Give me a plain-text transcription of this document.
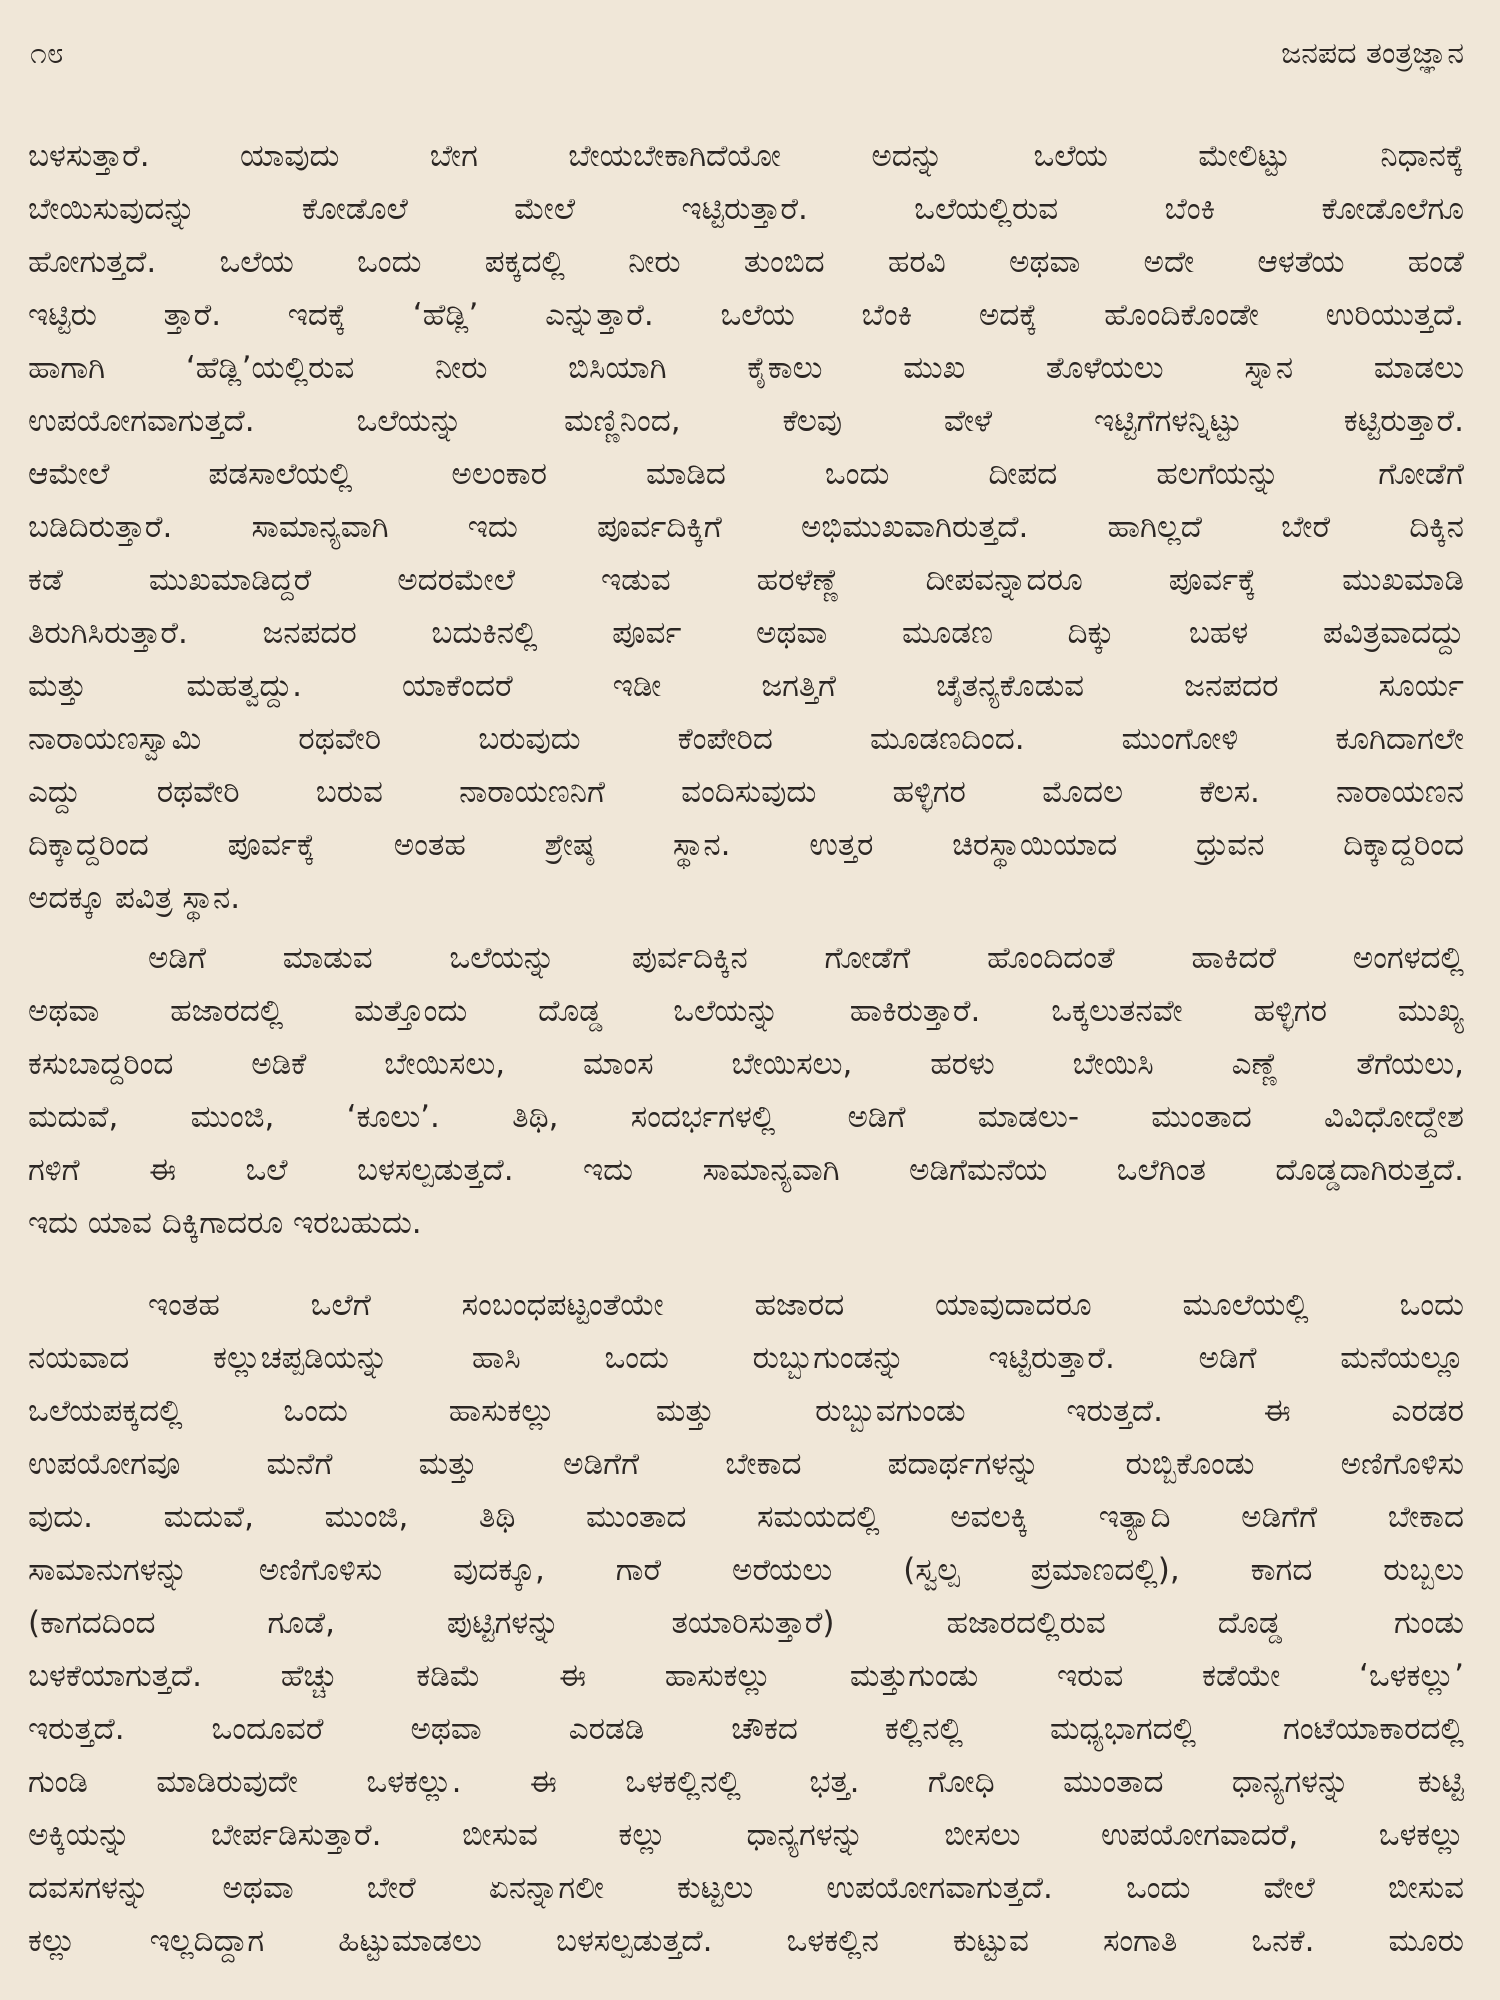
೧೮	ಜನಪದ ತಂತ್ರಜ್ಞಾನ
ಬಳಸುತ್ತಾರೆ. ಯಾವುದು ಬೇಗ ಬೇಯಬೇಕಾಗಿದೆಯೋ ಅದನ್ನು ಒಲೆಯ ಮೇಲಿಟ್ಟು ನಿಧಾನಕ್ಕೆ
ಬೇಯಿಸುವುದನ್ನು ಕೋಡೊಲೆ ಮೇಲೆ ಇಟ್ಟಿರುತ್ತಾರೆ. ಒಲೆಯಲ್ಲಿರುವ ಬೆಂಕಿ ಕೋಡೊಲೆಗೂ
ಹೋಗುತ್ತದೆ. ಒಲೆಯ ಒಂದು ಪಕ್ಕದಲ್ಲಿ ನೀರು ತುಂಬಿದ ಹರವಿ ಅಥವಾ ಅದೇ ಆಳತೆಯ ಹಂಡೆ
ಇಟ್ಟಿರು ತ್ತಾರೆ. ಇದಕ್ಕೆ ‘ಹೆಡ್ಲಿ’ ಎನ್ನುತ್ತಾರೆ. ಒಲೆಯ ಬೆಂಕಿ ಅದಕ್ಕೆ ಹೊಂದಿಕೊಂಡೇ ಉರಿಯುತ್ತದೆ.
ಹಾಗಾಗಿ ‘ಹೆಡ್ಲಿ’ಯಲ್ಲಿರುವ ನೀರು ಬಿಸಿಯಾಗಿ ಕೈಕಾಲು ಮುಖ ತೊಳೆಯಲು ಸ್ನಾನ ಮಾಡಲು
ಉಪಯೋಗವಾಗುತ್ತದೆ. ಒಲೆಯನ್ನು ಮಣ್ಣಿನಿಂದ, ಕೆಲವು ವೇಳೆ ಇಟ್ಟಿಗೆಗಳನ್ನಿಟ್ಟು ಕಟ್ಟಿರುತ್ತಾರೆ.
ಆಮೇಲೆ ಪಡಸಾಲೆಯಲ್ಲಿ ಅಲಂಕಾರ ಮಾಡಿದ ಒಂದು ದೀಪದ ಹಲಗೆಯನ್ನು ಗೋಡೆಗೆ
ಬಡಿದಿರುತ್ತಾರೆ. ಸಾಮಾನ್ಯವಾಗಿ ಇದು ಪೂರ್ವದಿಕ್ಕಿಗೆ ಅಭಿಮುಖವಾಗಿರುತ್ತದೆ. ಹಾಗಿಲ್ಲದೆ ಬೇರೆ ದಿಕ್ಕಿನ
ಕಡೆ ಮುಖಮಾಡಿದ್ದರೆ ಅದರಮೇಲೆ ಇಡುವ ಹರಳೆಣ್ಣೆ ದೀಪವನ್ನಾದರೂ ಪೂರ್ವಕ್ಕೆ ಮುಖಮಾಡಿ
ತಿರುಗಿಸಿರುತ್ತಾರೆ. ಜನಪದರ ಬದುಕಿನಲ್ಲಿ ಪೂರ್ವ ಅಥವಾ ಮೂಡಣ ದಿಕ್ಕು ಬಹಳ ಪವಿತ್ರವಾದದ್ದು
ಮತ್ತು ಮಹತ್ವದ್ದು. ಯಾಕೆಂದರೆ ಇಡೀ ಜಗತ್ತಿಗೆ ಚೈತನ್ಯಕೊಡುವ ಜನಪದರ ಸೂರ್ಯ
ನಾರಾಯಣಸ್ವಾಮಿ ರಥವೇರಿ ಬರುವುದು ಕೆಂಪೇರಿದ ಮೂಡಣದಿಂದ. ಮುಂಗೋಳಿ ಕೂಗಿದಾಗಲೇ
ಎದ್ದು ರಥವೇರಿ ಬರುವ ನಾರಾಯಣನಿಗೆ ವಂದಿಸುವುದು ಹಳ್ಳಿಗರ ಮೊದಲ ಕೆಲಸ. ನಾರಾಯಣನ
ದಿಕ್ಕಾದ್ದರಿಂದ ಪೂರ್ವಕ್ಕೆ ಅಂತಹ ಶ್ರೇಷ್ಠ ಸ್ಥಾನ. ಉತ್ತರ ಚಿರಸ್ಥಾಯಿಯಾದ ಧ್ರುವನ ದಿಕ್ಕಾದ್ದರಿಂದ
ಅದಕ್ಕೂ ಪವಿತ್ರ ಸ್ಥಾನ.
ಅಡಿಗೆ ಮಾಡುವ ಒಲೆಯನ್ನು ಪುರ್ವದಿಕ್ಕಿನ ಗೋಡೆಗೆ ಹೊಂದಿದಂತೆ ಹಾಕಿದರೆ ಅಂಗಳದಲ್ಲಿ
ಅಥವಾ ಹಜಾರದಲ್ಲಿ ಮತ್ತೊಂದು ದೊಡ್ಡ ಒಲೆಯನ್ನು ಹಾಕಿರುತ್ತಾರೆ. ಒಕ್ಕಲುತನವೇ ಹಳ್ಳಿಗರ ಮುಖ್ಯ
ಕಸುಬಾದ್ದರಿಂದ ಅಡಿಕೆ ಬೇಯಿಸಲು, ಮಾಂಸ ಬೇಯಿಸಲು, ಹರಳು ಬೇಯಿಸಿ ಎಣ್ಣೆ ತೆಗೆಯಲು,
ಮದುವೆ, ಮುಂಜಿ, ‘ಕೂಲು’. ತಿಥಿ, ಸಂದರ್ಭಗಳಲ್ಲಿ ಅಡಿಗೆ ಮಾಡಲು- ಮುಂತಾದ ವಿವಿಧೋದ್ದೇಶ
ಗಳಿಗೆ ಈ ಒಲೆ ಬಳಸಲ್ಪಡುತ್ತದೆ. ಇದು ಸಾಮಾನ್ಯವಾಗಿ ಅಡಿಗೆಮನೆಯ ಒಲೆಗಿಂತ ದೊಡ್ಡದಾಗಿರುತ್ತದೆ.
ಇದು ಯಾವ ದಿಕ್ಕಿಗಾದರೂ ಇರಬಹುದು.
ಇಂತಹ ಒಲೆಗೆ ಸಂಬಂಧಪಟ್ಟಂತೆಯೇ ಹಜಾರದ ಯಾವುದಾದರೂ ಮೂಲೆಯಲ್ಲಿ ಒಂದು
ನಯವಾದ ಕಲ್ಲುಚಪ್ಪಡಿಯನ್ನು ಹಾಸಿ ಒಂದು ರುಬ್ಬುಗುಂಡನ್ನು ಇಟ್ಟಿರುತ್ತಾರೆ. ಅಡಿಗೆ ಮನೆಯಲ್ಲೂ
ಒಲೆಯಪಕ್ಕದಲ್ಲಿ ಒಂದು ಹಾಸುಕಲ್ಲು ಮತ್ತು ರುಬ್ಬುವಗುಂಡು ಇರುತ್ತದೆ. ಈ ಎರಡರ
ಉಪಯೋಗವೂ ಮನೆಗೆ ಮತ್ತು ಅಡಿಗೆಗೆ ಬೇಕಾದ ಪದಾರ್ಥಗಳನ್ನು ರುಬ್ಬಿಕೊಂಡು ಅಣಿಗೊಳಿಸು
ವುದು. ಮದುವೆ, ಮುಂಜಿ, ತಿಥಿ ಮುಂತಾದ ಸಮಯದಲ್ಲಿ ಅವಲಕ್ಕಿ ಇತ್ಯಾದಿ ಅಡಿಗೆಗೆ ಬೇಕಾದ
ಸಾಮಾನುಗಳನ್ನು ಅಣಿಗೊಳಿಸು ವುದಕ್ಕೂ, ಗಾರೆ ಅರೆಯಲು (ಸ್ವಲ್ಪ ಪ್ರಮಾಣದಲ್ಲಿ), ಕಾಗದ ರುಬ್ಬಲು
(ಕಾಗದದಿಂದ ಗೂಡೆ, ಪುಟ್ಟಿಗಳನ್ನು ತಯಾರಿಸುತ್ತಾರೆ) ಹಜಾರದಲ್ಲಿರುವ ದೊಡ್ಡ ಗುಂಡು
ಬಳಕೆಯಾಗುತ್ತದೆ. ಹೆಚ್ಚು ಕಡಿಮೆ ಈ ಹಾಸುಕಲ್ಲು ಮತ್ತುಗುಂಡು ಇರುವ ಕಡೆಯೇ ‘ಒಳಕಲ್ಲು’
ಇರುತ್ತದೆ. ಒಂದೂವರೆ ಅಥವಾ ಎರಡಡಿ ಚೌಕದ ಕಲ್ಲಿನಲ್ಲಿ ಮಧ್ಯಭಾಗದಲ್ಲಿ ಗಂಟೆಯಾಕಾರದಲ್ಲಿ
ಗುಂಡಿ ಮಾಡಿರುವುದೇ ಒಳಕಲ್ಲು. ಈ ಒಳಕಲ್ಲಿನಲ್ಲಿ ಭತ್ತ. ಗೋಧಿ ಮುಂತಾದ ಧಾನ್ಯಗಳನ್ನು ಕುಟ್ಟಿ
ಅಕ್ಕಿಯನ್ನು ಬೇರ್ಪಡಿಸುತ್ತಾರೆ. ಬೀಸುವ ಕಲ್ಲು ಧಾನ್ಯಗಳನ್ನು ಬೀಸಲು ಉಪಯೋಗವಾದರೆ, ಒಳಕಲ್ಲು
ದವಸಗಳನ್ನು ಅಥವಾ ಬೇರೆ ಏನನ್ನಾಗಲೀ ಕುಟ್ಟಲು ಉಪಯೋಗವಾಗುತ್ತದೆ. ಒಂದು ವೇಲೆ ಬೀಸುವ
ಕಲ್ಲು ಇಲ್ಲದಿದ್ದಾಗ ಹಿಟ್ಟುಮಾಡಲು ಬಳಸಲ್ಪಡುತ್ತದೆ. ಒಳಕಲ್ಲಿನ ಕುಟ್ಟುವ ಸಂಗಾತಿ ಒನಕೆ. ಮೂರು
